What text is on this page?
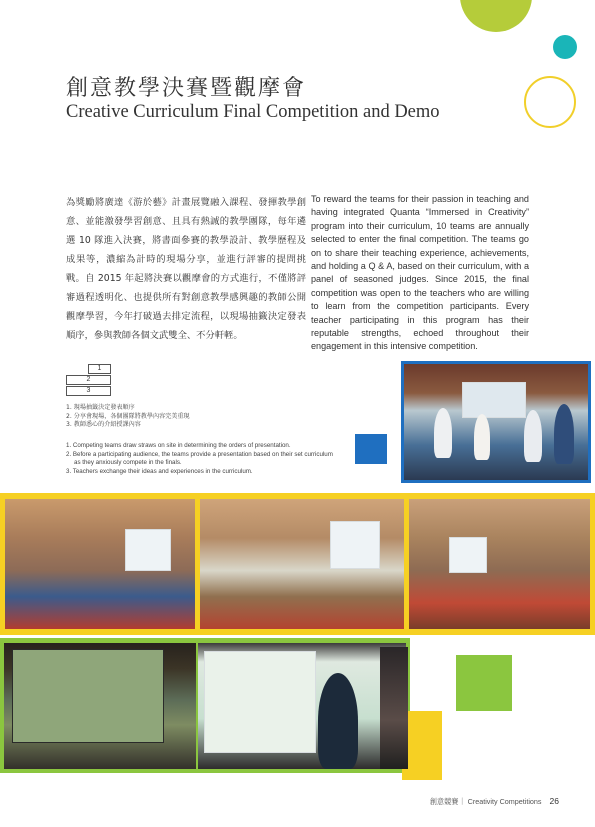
創意教學決賽暨觀摩會
Creative Curriculum Final Competition and Demo
為獎勵將廣達《游於藝》計畫展覽融入課程、發揮教學創意、並能激發學習創意、且具有熱誠的教學團隊，每年遴選 10 隊進入決賽，將書面參賽的教學設計、教學歷程及成果等，濃縮為計時的現場分享，並進行評審的提問挑戰。自 2015 年起將決賽以觀摩會的方式進行，不僅將評審過程透明化、也提供所有對創意教學感興趣的教師公開觀摩學習，今年打破過去排定流程，以現場抽籤決定發表順序，參與教師各個文武雙全、不分軒輊。
To reward the teams for their passion in teaching and having integrated Quanta “Immersed in Creativity” program into their curriculum, 10 teams are annually selected to enter the final competition. The teams go on to share their teaching experience, achievements, and holding a Q & A, based on their curriculum, with a panel of seasoned judges. Since 2015, the final competition was open to the teachers who are willing to learn from the competition participants. Every teacher participating in this program has their reputable strengths, echoed throughout their engagement in this intensive competition.
1
2
3
1. 現場抽籤決定發表順序
2. 分享會現場，各個團隊將教學內容完美重現
3. 教師悉心的介紹授課內容
1. Competing teams draw straws on site in determining the orders of presentation.
2. Before a participating audience, the teams provide a presentation based on their set curriculum as they anxiously compete in the finals.
3. Teachers exchange their ideas and experiences in the curriculum.
創意競賽｜ Creativity Competitions 26
